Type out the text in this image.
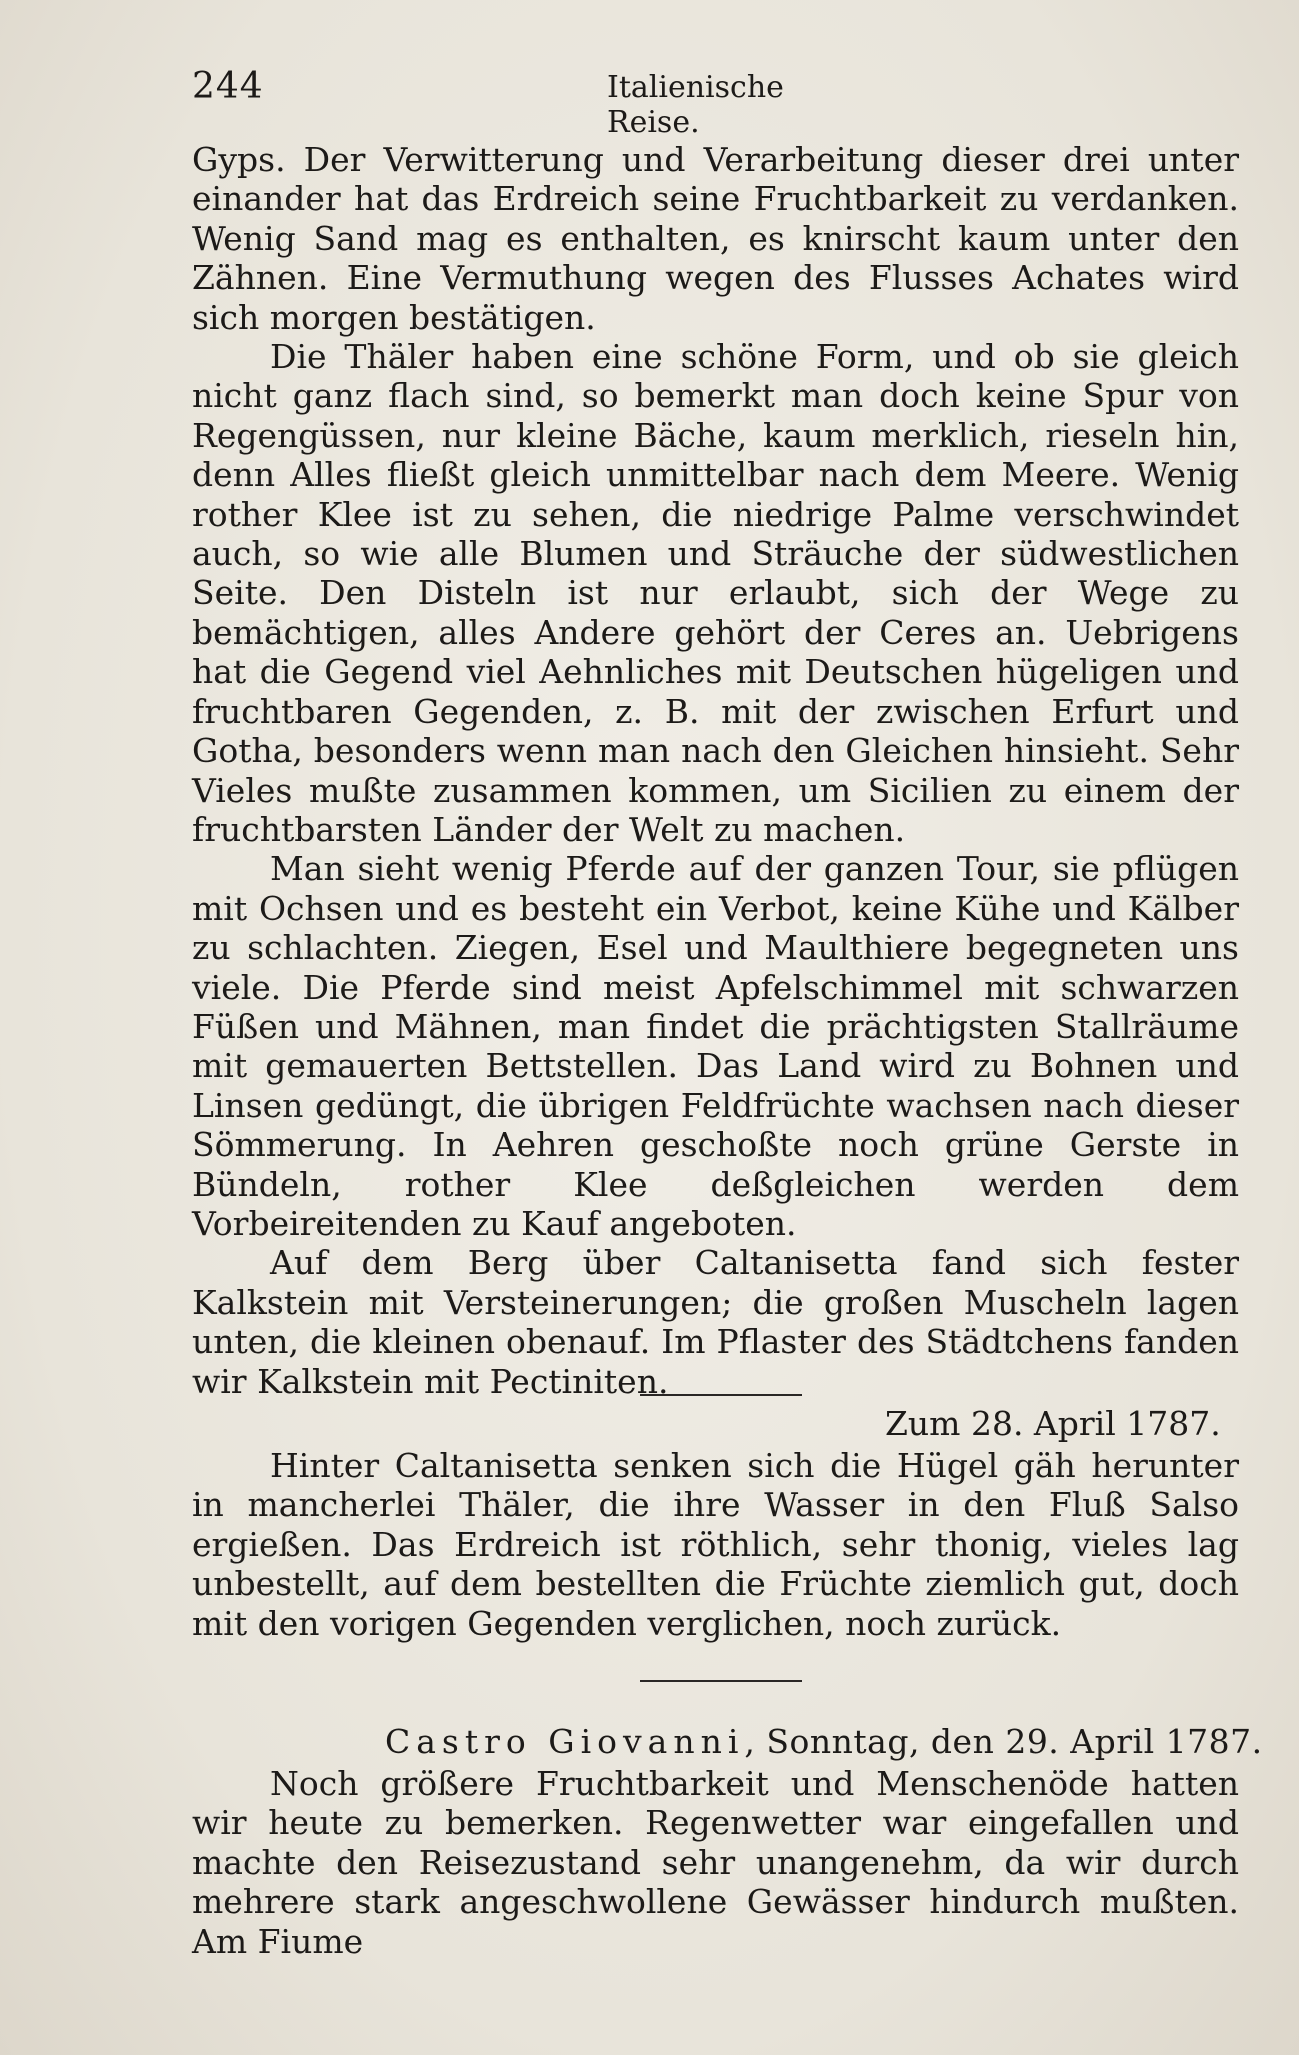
244	Italienische Reise.

Gyps. Der Verwitterung und Verarbeitung dieser drei unter einander hat das Erdreich seine Fruchtbarkeit zu verdanken. Wenig Sand mag es enthalten, es knirscht kaum unter den Zähnen. Eine Vermuthung wegen des Flusses Achates wird sich morgen bestätigen.

Die Thäler haben eine schöne Form, und ob sie gleich nicht ganz flach sind, so bemerkt man doch keine Spur von Regengüssen, nur kleine Bäche, kaum merklich, rieseln hin, denn Alles fließt gleich unmittelbar nach dem Meere. Wenig rother Klee ist zu sehen, die niedrige Palme verschwindet auch, so wie alle Blumen und Sträuche der südwestlichen Seite. Den Disteln ist nur erlaubt, sich der Wege zu bemächtigen, alles Andere gehört der Ceres an. Uebrigens hat die Gegend viel Aehnliches mit Deutschen hügeligen und fruchtbaren Gegenden, z. B. mit der zwischen Erfurt und Gotha, besonders wenn man nach den Gleichen hinsieht. Sehr Vieles mußte zusammen kommen, um Sicilien zu einem der fruchtbarsten Länder der Welt zu machen.

Man sieht wenig Pferde auf der ganzen Tour, sie pflügen mit Ochsen und es besteht ein Verbot, keine Kühe und Kälber zu schlachten. Ziegen, Esel und Maulthiere begegneten uns viele. Die Pferde sind meist Apfelschimmel mit schwarzen Füßen und Mähnen, man findet die prächtigsten Stallräume mit gemauerten Bettstellen. Das Land wird zu Bohnen und Linsen gedüngt, die übrigen Feldfrüchte wachsen nach dieser Sömmerung. In Aehren geschoßte noch grüne Gerste in Bündeln, rother Klee deßgleichen werden dem Vorbeireitenden zu Kauf angeboten.

Auf dem Berg über Caltanisetta fand sich fester Kalkstein mit Versteinerungen; die großen Muscheln lagen unten, die kleinen obenauf. Im Pflaster des Städtchens fanden wir Kalkstein mit Pectiniten.

Zum 28. April 1787.

Hinter Caltanisetta senken sich die Hügel gäh herunter in mancherlei Thäler, die ihre Wasser in den Fluß Salso ergießen. Das Erdreich ist röthlich, sehr thonig, vieles lag unbestellt, auf dem bestellten die Früchte ziemlich gut, doch mit den vorigen Gegenden verglichen, noch zurück.

Castro Giovanni, Sonntag, den 29. April 1787.

Noch größere Fruchtbarkeit und Menschenöde hatten wir heute zu bemerken. Regenwetter war eingefallen und machte den Reisezustand sehr unangenehm, da wir durch mehrere stark angeschwollene Gewässer hindurch mußten. Am Fiume
